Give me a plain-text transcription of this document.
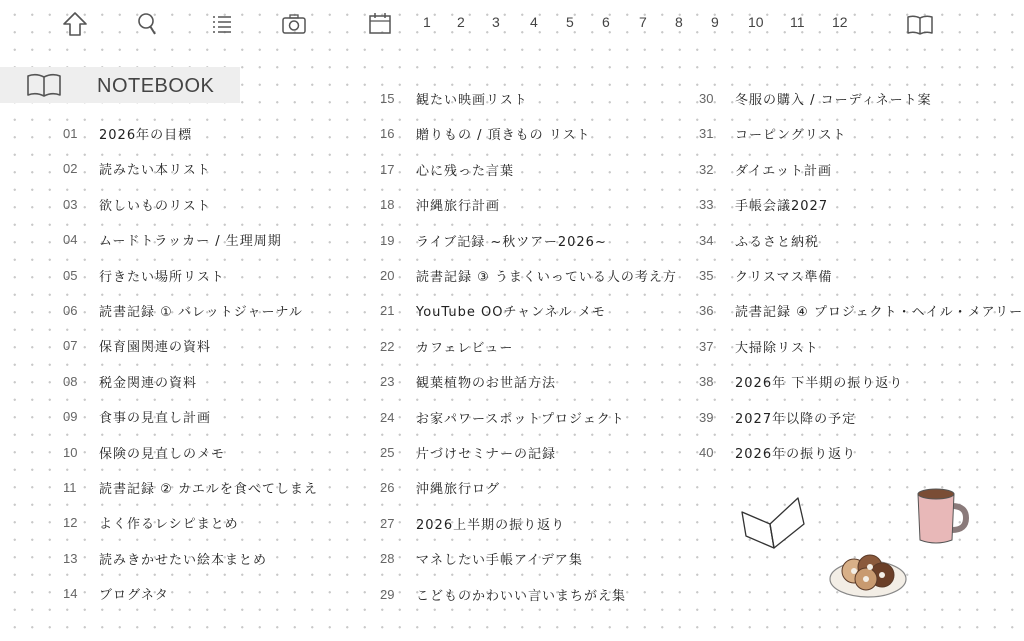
1 2 3 4 5 6 7 8 9 10 11 12
NOTEBOOK
01 2026年の目標
02 読みたい本リスト
03 欲しいものリスト
04 ムードトラッカー / 生理周期
05 行きたい場所リスト
06 読書記録 ① バレットジャーナル
07 保育園関連の資料
08 税金関連の資料
09 食事の見直し計画
10 保険の見直しのメモ
11 読書記録 ② カエルを食べてしまえ
12 よく作るレシピまとめ
13 読みきかせたい絵本まとめ
14 ブログネタ
15 観たい映画リスト
16 贈りもの / 頂きもの リスト
17 心に残った言葉
18 沖縄旅行計画
19 ライブ記録 ~秋ツアー2026~
20 読書記録 ③ うまくいっている人の考え方
21 YouTube OOチャンネル メモ
22 カフェレビュー
23 観葉植物のお世話方法
24 お家パワースポットプロジェクト
25 片づけセミナーの記録
26 沖縄旅行ログ
27 2026上半期の振り返り
28 マネしたい手帳アイデア集
29 こどものかわいい言いまちがえ集
30 冬服の購入 / コーディネート案
31 コーピングリスト
32 ダイエット計画
33 手帳会議2027
34 ふるさと納税
35 クリスマス準備
36 読書記録 ④ プロジェクト・ヘイル・メアリー
37 大掃除リスト
38 2026年 下半期の振り返り
39 2027年以降の予定
40 2026年の振り返り
